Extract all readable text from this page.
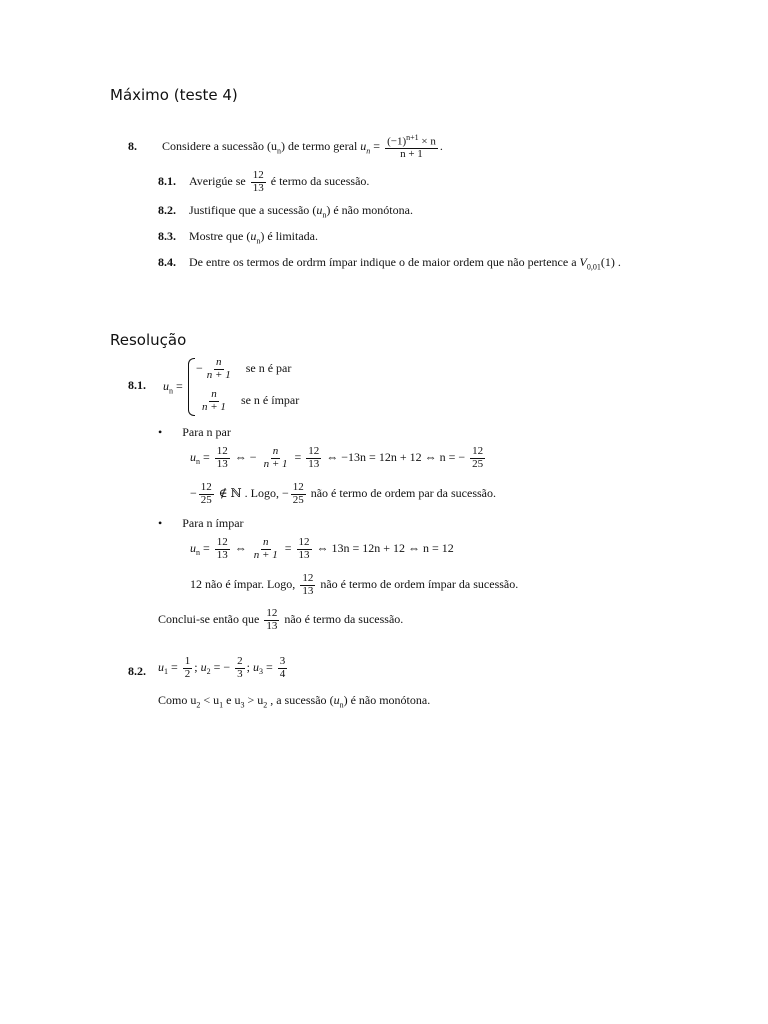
Máximo (teste 4)
8. Considere a sucessão $(u_n)$ de termo geral $u_n = \frac{(-1)^{n+1} \times n}{n + 1}$ .
8.1. Averigúe se $\frac{12}{13}$ é termo da sucessão.
8.2. Justifique que a sucessão $(u_n)$ é não monótona.
8.3. Mostre que $(u_n)$ é limitada.
8.4. De entre os termos de ordrm ímpar indique o de maior ordem que não pertence a $V_{0,01}(1)$ .
Resolução
8.1. $u_n$ =
− $\frac{n}{n + 1}$ se n é par
$\frac{n}{n + 1}$ se n é ímpar
• Para n par
$u_n = \frac{12}{13}$ ⇔ − $\frac{n}{n + 1} = \frac{12}{13}$ ⇔ −13n = 12n + 12 ⇔ n = − $\frac{12}{25}$
− $\frac{12}{25}$ ∉ ℕ . Logo, − $\frac{12}{25}$ não é termo de ordem par da sucessão.
• Para n ímpar
$u_n = \frac{12}{13}$ ⇔ $\frac{n}{n + 1} = \frac{12}{13}$ ⇔ 13n = 12n + 12 ⇔ n = 12
12 não é ímpar. Logo, $\frac{12}{13}$ não é termo de ordem ímpar da sucessão.
Conclui-se então que $\frac{12}{13}$ não é termo da sucessão.
8.2. $u_1 = \frac{1}{2}$ ; $u_2$ = − $\frac{2}{3}$ ; $u_3 = \frac{3}{4}$
Como $u_2 < u_1$ e $u_3 > u_2$ , a sucessão $(u_n)$ é não monótona.
